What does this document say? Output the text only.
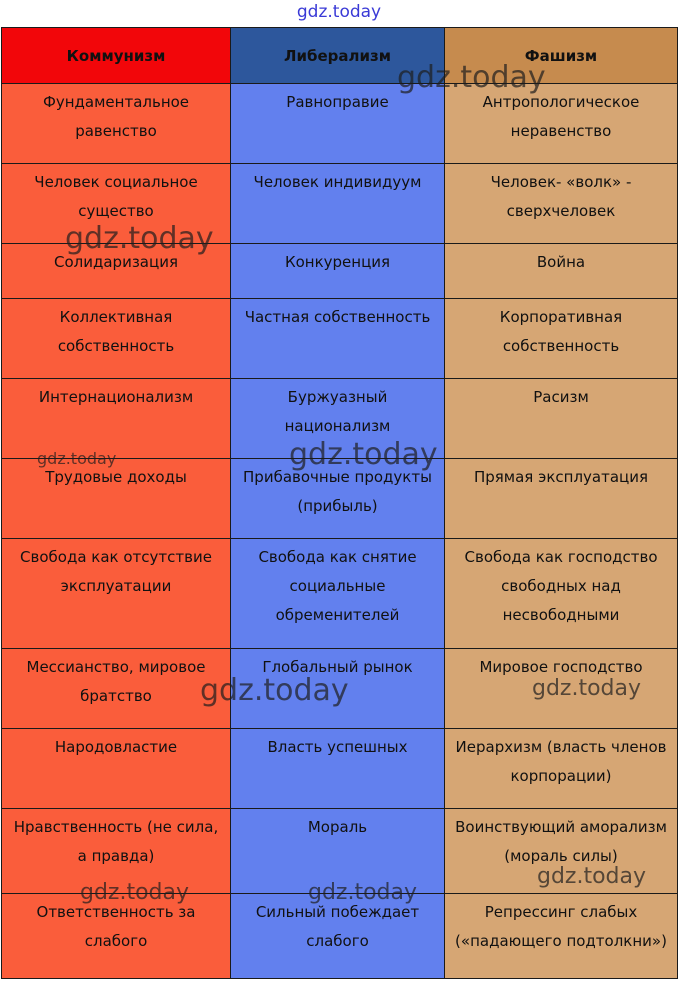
gdz.today
Коммунизм	Либерализм	Фашизм
Фундаментальное равенство	Равноправие	Антропологическое неравенство
Человек социальное существо	Человек индивидуум	Человек- «волк» - сверхчеловек
Солидаризация	Конкуренция	Война
Коллективная собственность	Частная собственность	Корпоративная собственность
Интернационализм	Буржуазный национализм	Расизм
Трудовые доходы	Прибавочные продукты (прибыль)	Прямая эксплуатация
Свобода как отсутствие эксплуатации	Свобода как снятие социальные обременителей	Свобода как господство свободных над несвободными
Мессианство, мировое братство	Глобальный рынок	Мировое господство
Народовластие	Власть успешных	Иерархизм (власть членов корпорации)
Нравственность (не сила, а правда)	Мораль	Воинствующий аморализм (мораль силы)
Ответственность за слабого	Сильный побеждает слабого	Репрессинг слабых («падающего подтолкни»)
gdz.today
gdz.today
gdz.today	gdz.today
gdz.today	gdz.today
gdz.today
gdz.today	gdz.today
